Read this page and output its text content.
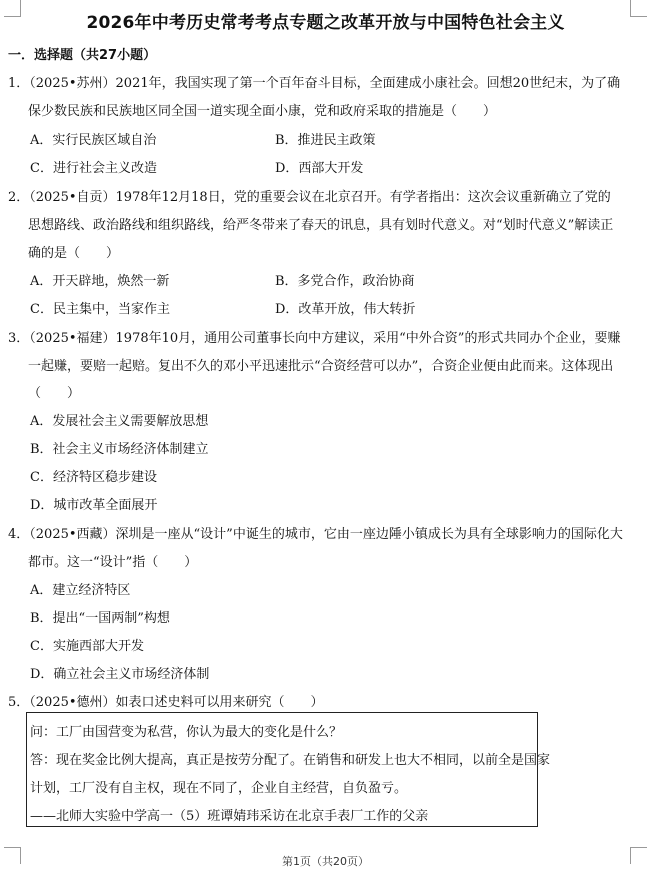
2026年中考历史常考考点专题之改革开放与中国特色社会主义
一．选择题（共27小题）
1．（2025•苏州）2021年，我国实现了第一个百年奋斗目标，全面建成小康社会。回想20世纪末，为了确
保少数民族和民族地区同全国一道实现全面小康，党和政府采取的措施是（　　）
A．实行民族区域自治	B．推进民主政策
C．进行社会主义改造	D．西部大开发
2．（2025•自贡）1978年12月18日，党的重要会议在北京召开。有学者指出：这次会议重新确立了党的
思想路线、政治路线和组织路线，给严冬带来了春天的讯息，具有划时代意义。对“划时代意义”解读正
确的是（　　）
A．开天辟地，焕然一新	B．多党合作，政治协商
C．民主集中，当家作主	D．改革开放，伟大转折
3．（2025•福建）1978年10月，通用公司董事长向中方建议，采用“中外合资”的形式共同办个企业，要赚
一起赚，要赔一起赔。复出不久的邓小平迅速批示“合资经营可以办”，合资企业便由此而来。这体现出
（　　）
A．发展社会主义需要解放思想
B．社会主义市场经济体制建立
C．经济特区稳步建设
D．城市改革全面展开
4．（2025•西藏）深圳是一座从“设计”中诞生的城市，它由一座边陲小镇成长为具有全球影响力的国际化大
都市。这一“设计”指（　　）
A．建立经济特区
B．提出“一国两制”构想
C．实施西部大开发
D．确立社会主义市场经济体制
5．（2025•德州）如表口述史料可以用来研究（　　）
问：工厂由国营变为私营，你认为最大的变化是什么？
答：现在奖金比例大提高，真正是按劳分配了。在销售和研发上也大不相同，以前全是国家
计划，工厂没有自主权，现在不同了，企业自主经营，自负盈亏。
——北师大实验中学高一（5）班谭婧玮采访在北京手表厂工作的父亲
第1页（共20页）
